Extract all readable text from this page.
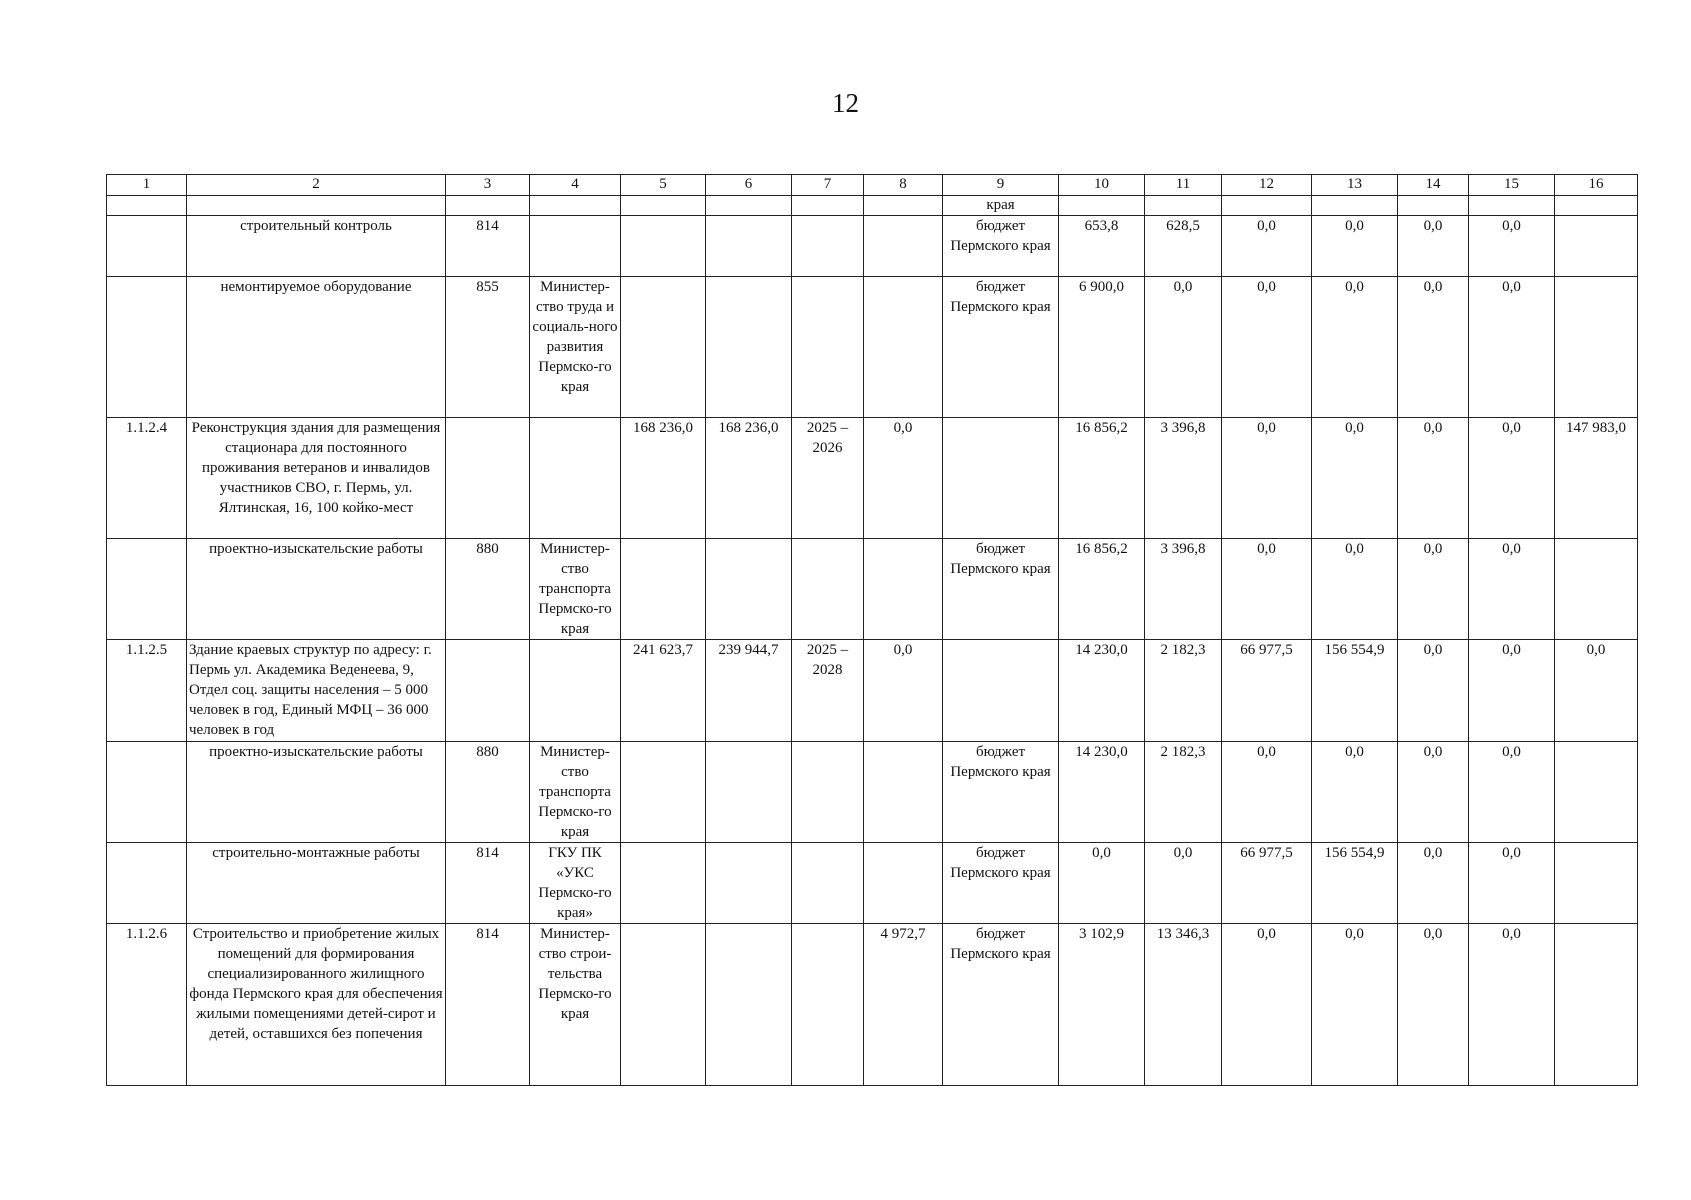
12
1	2	3	4	5	6	7	8	9	10	11	12	13	14	15	16
								края							
	строительный контроль	814						бюджет Пермского края	653,8	628,5	0,0	0,0	0,0	0,0	
	немонтируемое оборудование	855	Министер-ство труда и социаль-ного развития Пермско-го края					бюджет Пермского края	6 900,0	0,0	0,0	0,0	0,0	0,0	
1.1.2.4	Реконструкция здания для размещения стационара для постоянного проживания ветеранов и инвалидов участников СВО, г. Пермь, ул. Ялтинская, 16, 100 койко-мест			168 236,0	168 236,0	2025 – 2026	0,0		16 856,2	3 396,8	0,0	0,0	0,0	0,0	147 983,0
	проектно-изыскательские работы	880	Министер-ство транспорта Пермско-го края					бюджет Пермского края	16 856,2	3 396,8	0,0	0,0	0,0	0,0	
1.1.2.5	Здание краевых структур по адресу: г. Пермь ул. Академика Веденеева, 9, Отдел соц. защиты населения – 5 000 человек в год, Единый МФЦ – 36 000 человек в год			241 623,7	239 944,7	2025 – 2028	0,0		14 230,0	2 182,3	66 977,5	156 554,9	0,0	0,0	0,0
	проектно-изыскательские работы	880	Министер-ство транспорта Пермско-го края					бюджет Пермского края	14 230,0	2 182,3	0,0	0,0	0,0	0,0	
	строительно-монтажные работы	814	ГКУ ПК «УКС Пермско-го края»					бюджет Пермского края	0,0	0,0	66 977,5	156 554,9	0,0	0,0	
1.1.2.6	Строительство и приобретение жилых помещений для формирования специализированного жилищного фонда Пермского края для обеспечения жилыми помещениями детей-сирот и детей, оставшихся без попечения	814	Министер-ство строи-тельства Пермско-го края				4 972,7	бюджет Пермского края	3 102,9	13 346,3	0,0	0,0	0,0	0,0	
